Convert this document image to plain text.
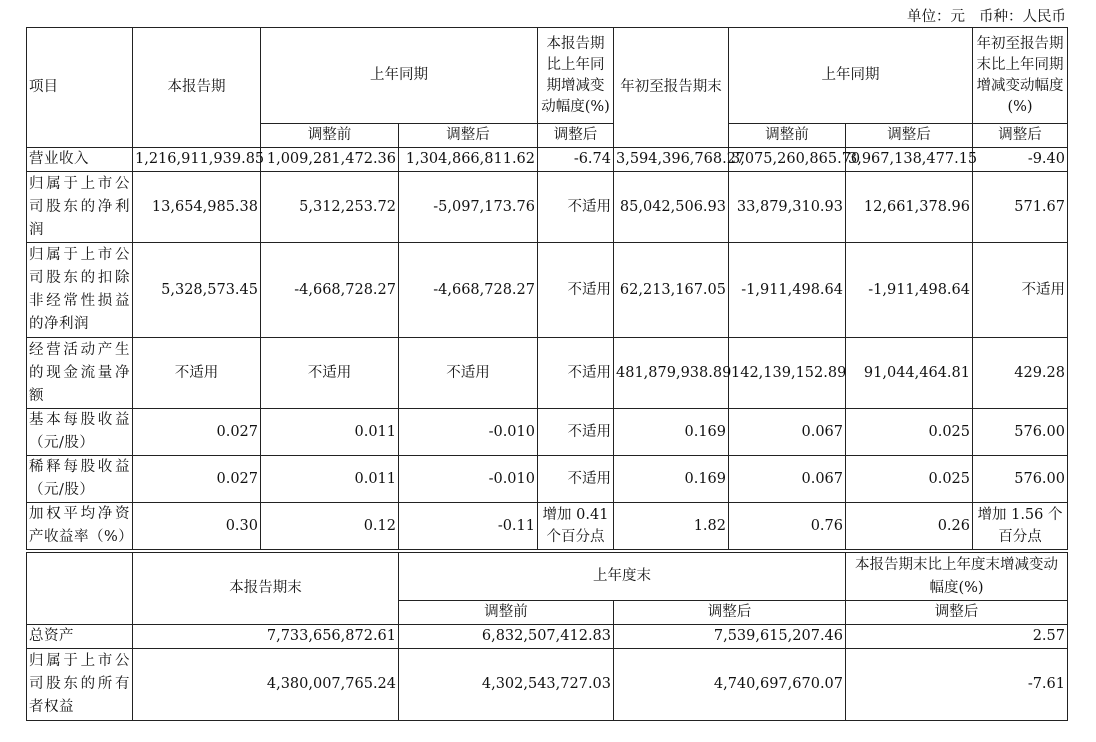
单位：元 币种：人民币
项目	本报告期	上年同期		本报告期比上年同期增减变动幅度(%)	年初至报告期末	上年同期		年初至报告期末比上年同期增减变动幅度(%)
		调整前	调整后	调整后		调整前	调整后	调整后
营业收入	1,216,911,939.85	1,009,281,472.36	1,304,866,811.62	-6.74	3,594,396,768.27	3,075,260,865.70	3,967,138,477.15	-9.40
归属于上市公司股东的净利润	13,654,985.38	5,312,253.72	-5,097,173.76	不适用	85,042,506.93	33,879,310.93	12,661,378.96	571.67
归属于上市公司股东的扣除非经常性损益的净利润	5,328,573.45	-4,668,728.27	-4,668,728.27	不适用	62,213,167.05	-1,911,498.64	-1,911,498.64	不适用
经营活动产生的现金流量净额	不适用	不适用	不适用	不适用	481,879,938.89	142,139,152.89	91,044,464.81	429.28
基本每股收益（元/股）	0.027	0.011	-0.010	不适用	0.169	0.067	0.025	576.00
稀释每股收益（元/股）	0.027	0.011	-0.010	不适用	0.169	0.067	0.025	576.00
加权平均净资产收益率（%）	0.30	0.12	-0.11	增加 0.41 个百分点	1.82	0.76	0.26	增加 1.56 个百分点
	本报告期末	上年度末		本报告期末比上年度末增减变动幅度(%)
		调整前	调整后	调整后
总资产	7,733,656,872.61	6,832,507,412.83	7,539,615,207.46	2.57
归属于上市公司股东的所有者权益	4,380,007,765.24	4,302,543,727.03	4,740,697,670.07	-7.61
